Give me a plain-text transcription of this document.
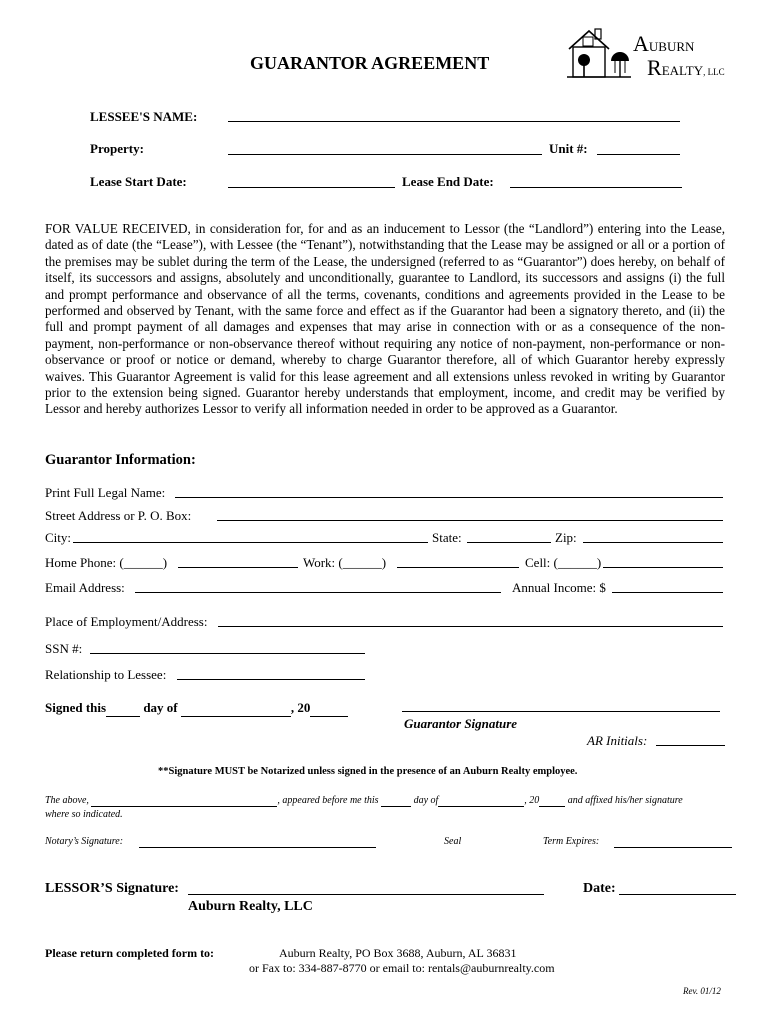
GUARANTOR AGREEMENT
AUBURN
REALTY, LLC
LESSEE'S NAME:
Property:	Unit #:
Lease Start Date:	Lease End Date:
FOR VALUE RECEIVED, in consideration for, for and as an inducement to Lessor (the “Landlord”) entering into the Lease, dated as of date (the “Lease”), with Lessee (the “Tenant”), notwithstanding that the Lease may be assigned or all or a portion of the premises may be sublet during the term of the Lease, the undersigned (referred to as “Guarantor”) does hereby, on behalf of itself, its successors and assigns, absolutely and unconditionally, guarantee to Landlord, its successors and assigns (i) the full and prompt performance and observance of all the terms, covenants, conditions and agreements provided in the Lease to be performed and observed by Tenant, with the same force and effect as if the Guarantor had been a signatory thereto, and (ii) the full and prompt payment of all damages and expenses that may arise in connection with or as a consequence of the non-payment, non-performance or non-observance thereof without requiring any notice of non-payment, non-performance or non-observance or proof or notice or demand, whereby to charge Guarantor therefore, all of which Guarantor hereby expressly waives. This Guarantor Agreement is valid for this lease agreement and all extensions unless revoked in writing by Guarantor prior to the extension being signed. Guarantor hereby understands that employment, income, and credit may be verified by Lessor and hereby authorizes Lessor to verify all information needed in order to be approved as a Guarantor.
Guarantor Information:
Print Full Legal Name:
Street Address or P. O. Box:
City:	State:	Zip:
Home Phone: (______)	Work: (______)	Cell: (______)
Email Address:	Annual Income: $
Place of Employment/Address:
SSN #:
Relationship to Lessee:
Signed this	day of	, 20
Guarantor Signature
AR Initials:
**Signature MUST be Notarized unless signed in the presence of an Auburn Realty employee.
The above,	, appeared before me this	day of	, 20	and affixed his/her signature
where so indicated.
Notary’s Signature:	Seal	Term Expires:
LESSOR’S Signature:	Date:
Auburn Realty, LLC
Please return completed form to:	Auburn Realty, PO Box 3688, Auburn, AL 36831
or Fax to: 334-887-8770 or email to: rentals@auburnrealty.com
Rev. 01/12
